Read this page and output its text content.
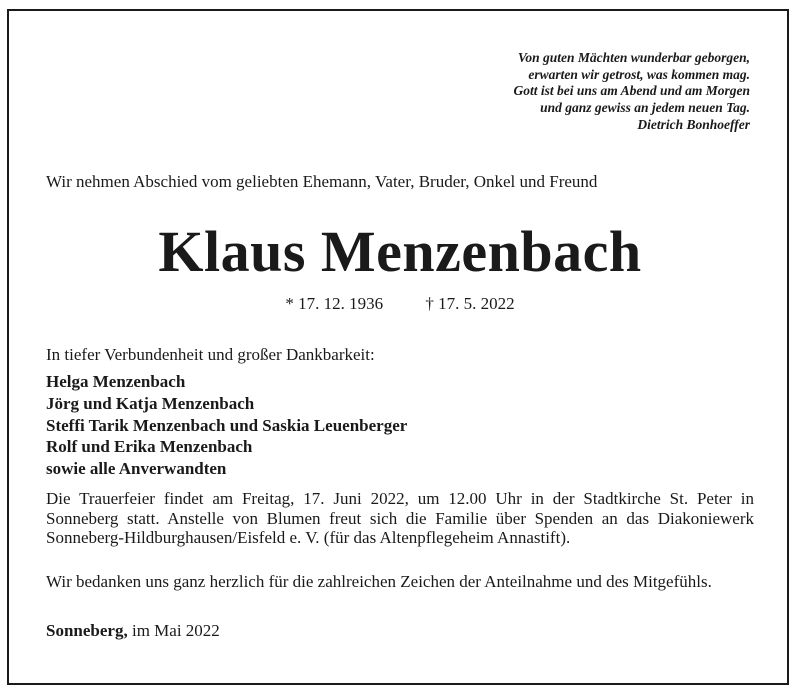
Von guten Mächten wunderbar geborgen,
erwarten wir getrost, was kommen mag.
Gott ist bei uns am Abend und am Morgen
und ganz gewiss an jedem neuen Tag.
Dietrich Bonhoeffer
Wir nehmen Abschied vom geliebten Ehemann, Vater, Bruder, Onkel und Freund
Klaus Menzenbach
* 17. 12. 1936 † 17. 5. 2022
In tiefer Verbundenheit und großer Dankbarkeit:
Helga Menzenbach
Jörg und Katja Menzenbach
Steffi Tarik Menzenbach und Saskia Leuenberger
Rolf und Erika Menzenbach
sowie alle Anverwandten
Die Trauerfeier findet am Freitag, 17. Juni 2022, um 12.00 Uhr in der Stadtkirche St. Peter in Sonneberg statt. Anstelle von Blumen freut sich die Familie über Spenden an das Diakoniewerk Sonneberg-Hildburghausen/Eisfeld e. V. (für das Altenpflegeheim Annastift).
Wir bedanken uns ganz herzlich für die zahlreichen Zeichen der Anteilnahme und des Mitgefühls.
Sonneberg, im Mai 2022
